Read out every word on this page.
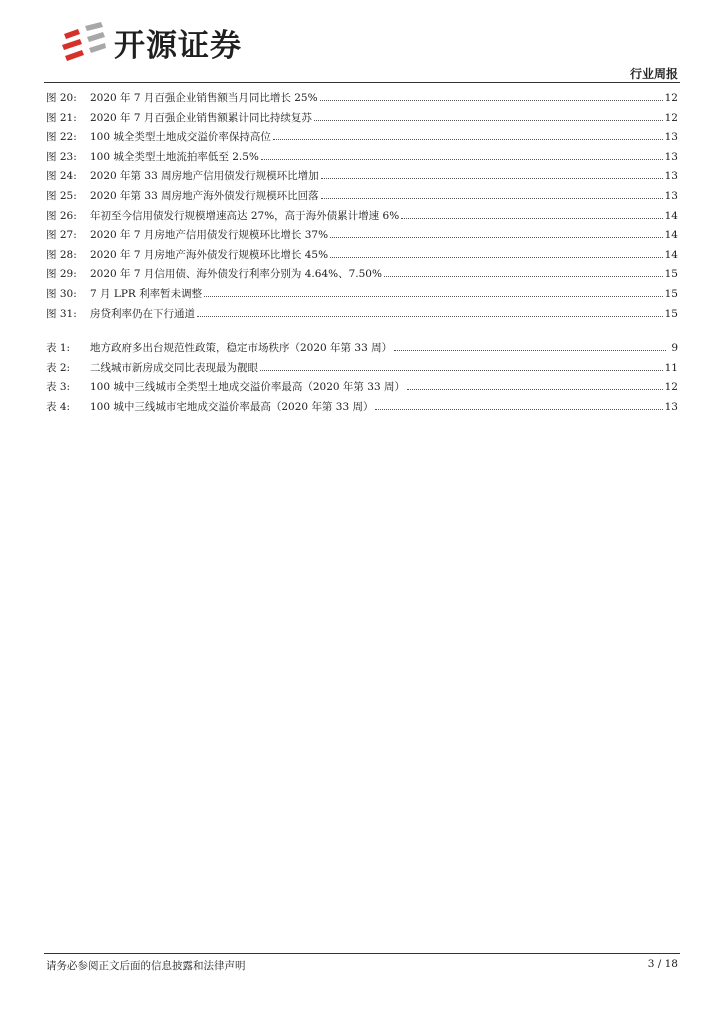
开源证券
行业周报
图 20:	2020 年 7 月百强企业销售额当月同比增长 25%	12
图 21:	2020 年 7 月百强企业销售额累计同比持续复苏	12
图 22:	100 城全类型土地成交溢价率保持高位	13
图 23:	100 城全类型土地流拍率低至 2.5%	13
图 24:	2020 年第 33 周房地产信用债发行规模环比增加	13
图 25:	2020 年第 33 周房地产海外债发行规模环比回落	13
图 26:	年初至今信用债发行规模增速高达 27%，高于海外债累计增速 6%	14
图 27:	2020 年 7 月房地产信用债发行规模环比增长 37%	14
图 28:	2020 年 7 月房地产海外债发行规模环比增长 45%	14
图 29:	2020 年 7 月信用债、海外债发行利率分别为 4.64%、7.50%	15
图 30:	7 月 LPR 利率暂未调整	15
图 31:	房贷利率仍在下行通道	15
表 1:	地方政府多出台规范性政策，稳定市场秩序（2020 年第 33 周）	9
表 2:	二线城市新房成交同比表现最为靓眼	11
表 3:	100 城中三线城市全类型土地成交溢价率最高（2020 年第 33 周）	12
表 4:	100 城中三线城市宅地成交溢价率最高（2020 年第 33 周）	13
请务必参阅正文后面的信息披露和法律声明	3 / 18
